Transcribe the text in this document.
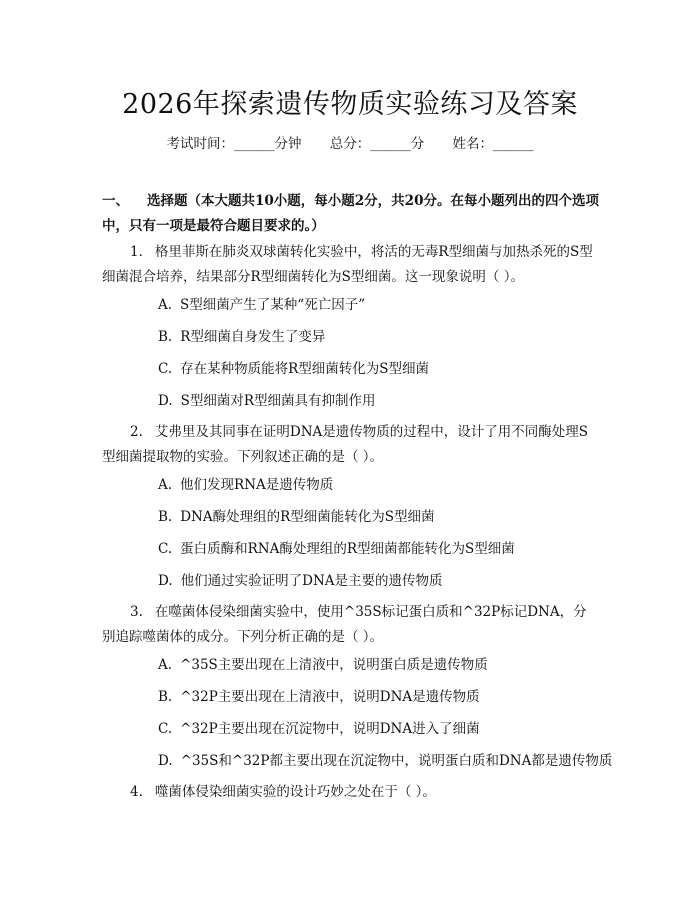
2026年探索遗传物质实验练习及答案
考试时间：______分钟 总分：______分 姓名：______
一、 选择题（本大题共10小题，每小题2分，共20分。在每小题列出的四个选项中，只有一项是最符合题目要求的。）
1. 格里菲斯在肺炎双球菌转化实验中，将活的无毒R型细菌与加热杀死的S型细菌混合培养，结果部分R型细菌转化为S型细菌。这一现象说明（ ）。
A. S型细菌产生了某种“死亡因子”
B. R型细菌自身发生了变异
C. 存在某种物质能将R型细菌转化为S型细菌
D. S型细菌对R型细菌具有抑制作用
2. 艾弗里及其同事在证明DNA是遗传物质的过程中，设计了用不同酶处理S型细菌提取物的实验。下列叙述正确的是（ ）。
A. 他们发现RNA是遗传物质
B. DNA酶处理组的R型细菌能转化为S型细菌
C. 蛋白质酶和RNA酶处理组的R型细菌都能转化为S型细菌
D. 他们通过实验证明了DNA是主要的遗传物质
3. 在噬菌体侵染细菌实验中，使用^35S标记蛋白质和^32P标记DNA，分别追踪噬菌体的成分。下列分析正确的是（ ）。
A. ^35S主要出现在上清液中，说明蛋白质是遗传物质
B. ^32P主要出现在上清液中，说明DNA是遗传物质
C. ^32P主要出现在沉淀物中，说明DNA进入了细菌
D. ^35S和^32P都主要出现在沉淀物中，说明蛋白质和DNA都是遗传物质
4. 噬菌体侵染细菌实验的设计巧妙之处在于（ ）。
